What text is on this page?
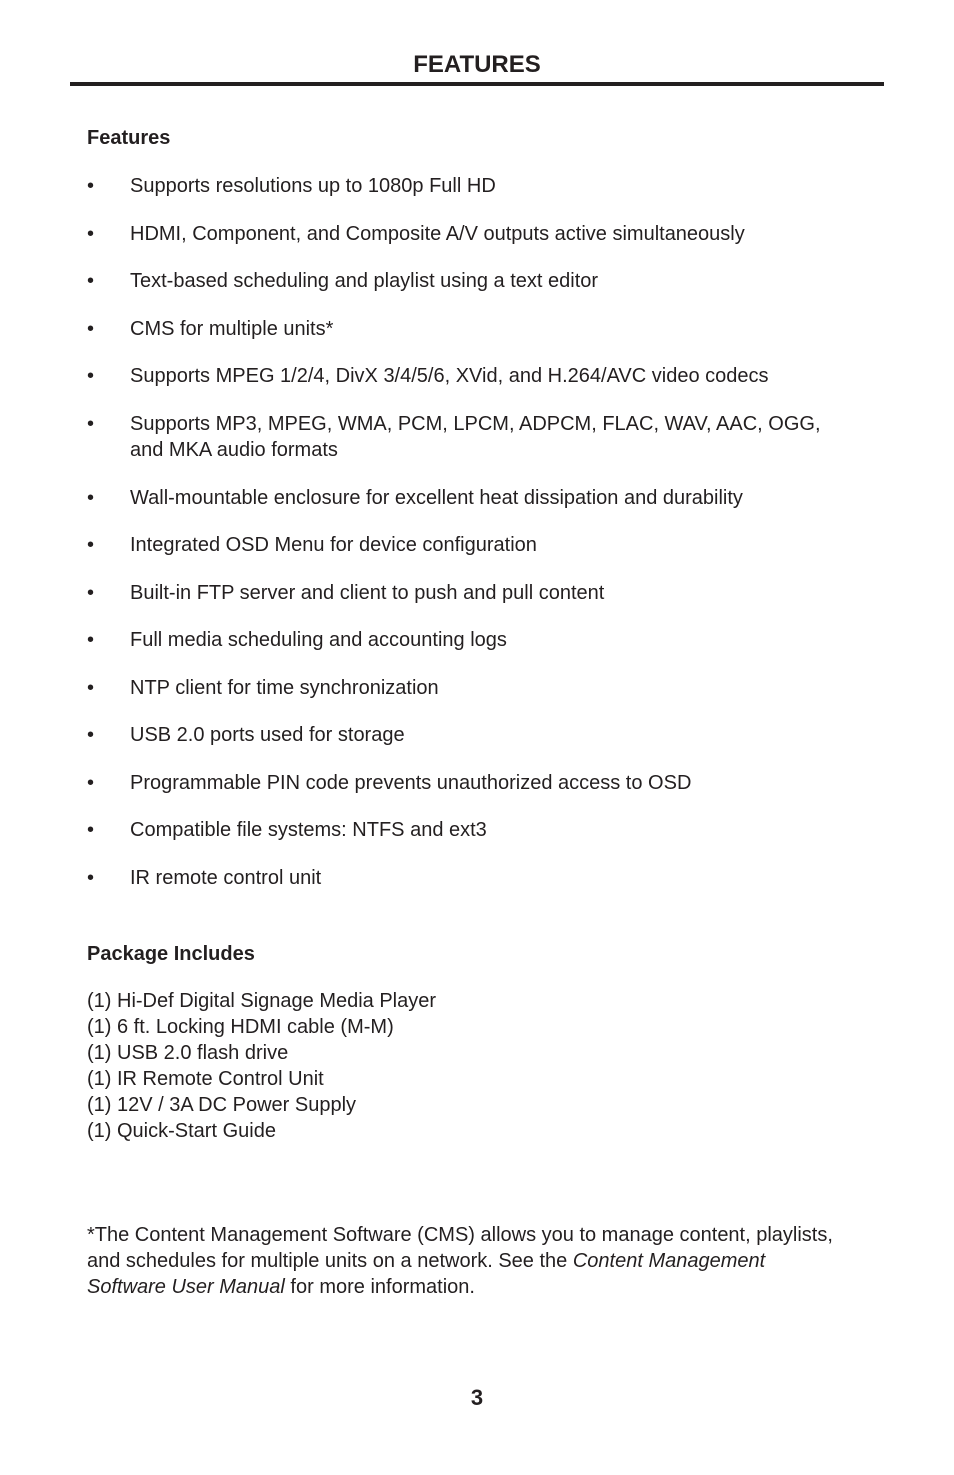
FEATURES
Features
• Supports resolutions up to 1080p Full HD
• HDMI, Component, and Composite A/V outputs active simultaneously
• Text-based scheduling and playlist using a text editor
• CMS for multiple units*
• Supports MPEG 1/2/4, DivX 3/4/5/6, XVid, and H.264/AVC video codecs
• Supports MP3, MPEG, WMA, PCM, LPCM, ADPCM, FLAC, WAV, AAC, OGG, and MKA audio formats
• Wall-mountable enclosure for excellent heat dissipation and durability
• Integrated OSD Menu for device configuration
• Built-in FTP server and client to push and pull content
• Full media scheduling and accounting logs
• NTP client for time synchronization
• USB 2.0 ports used for storage
• Programmable PIN code prevents unauthorized access to OSD
• Compatible file systems: NTFS and ext3
• IR remote control unit
Package Includes
(1) Hi-Def Digital Signage Media Player
(1) 6 ft. Locking HDMI cable (M-M)
(1) USB 2.0 flash drive
(1) IR Remote Control Unit
(1) 12V / 3A DC Power Supply
(1) Quick-Start Guide

*The Content Management Software (CMS) allows you to manage content, playlists, and schedules for multiple units on a network. See the Content Management Software User Manual for more information.

3
